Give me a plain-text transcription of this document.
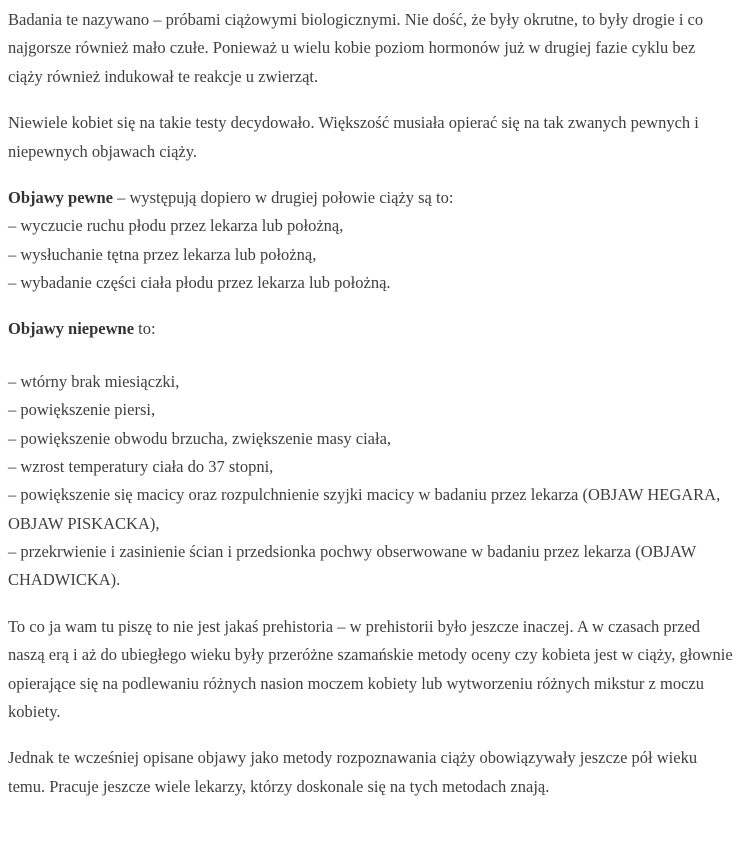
Badania te nazywano – próbami ciążowymi biologicznymi. Nie dość, że były okrutne, to były drogie i co najgorsze również mało czułe. Ponieważ u wielu kobie poziom hormonów już w drugiej fazie cyklu bez ciąży również indukował te reakcje u zwierząt.

Niewiele kobiet się na takie testy decydowało. Większość musiała opierać się na tak zwanych pewnych i niepewnych objawach ciąży.

Objawy pewne – występują dopiero w drugiej połowie ciąży są to:
– wyczucie ruchu płodu przez lekarza lub położną,
– wysłuchanie tętna przez lekarza lub położną,
– wybadanie części ciała płodu przez lekarza lub położną.
Objawy niepewne to:
– wtórny brak miesiączki,
– powiększenie piersi,
– powiększenie obwodu brzucha, zwiększenie masy ciała,
– wzrost temperatury ciała do 37 stopni,
– powiększenie się macicy oraz rozpulchnienie szyjki macicy w badaniu przez lekarza (OBJAW HEGARA, OBJAW PISKACKA),
– przekrwienie i zasinienie ścian i przedsionka pochwy obserwowane w badaniu przez lekarza (OBJAW CHADWICKA).

To co ja wam tu piszę to nie jest jakaś prehistoria – w prehistorii było jeszcze inaczej. A w czasach przed naszą erą i aż do ubiegłego wieku były przeróżne szamańskie metody oceny czy kobieta jest w ciąży, głownie opierające się na podlewaniu różnych nasion moczem kobiety lub wytworzeniu różnych mikstur z moczu kobiety.

Jednak te wcześniej opisane objawy jako metody rozpoznawania ciąży obowiązywały jeszcze pół wieku temu. Pracuje jeszcze wiele lekarzy, którzy doskonale się na tych metodach znają.
